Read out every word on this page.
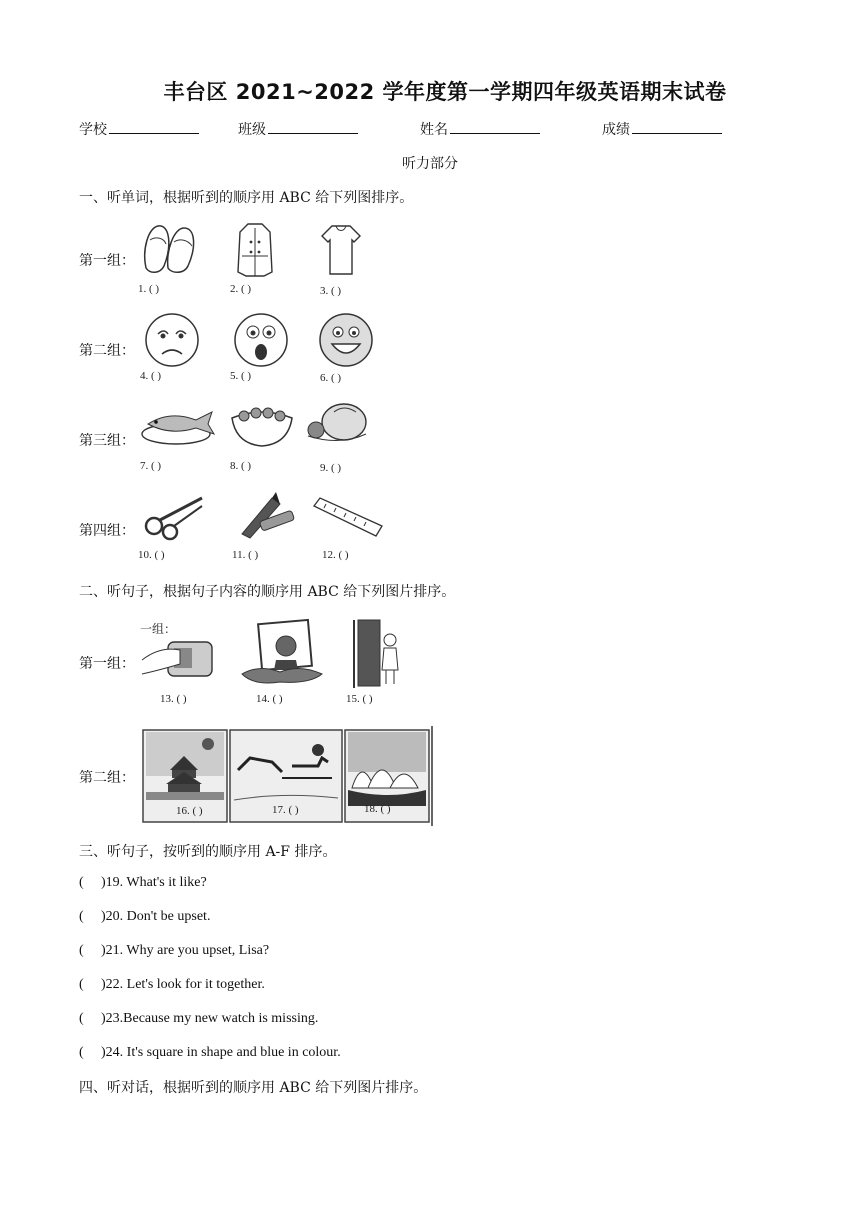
丰台区 2021~2022 学年度第一学期四年级英语期末试卷
学校	班级	姓名	成绩
听力部分
一、听单词，根据听到的顺序用 ABC 给下列图排序。
第一组：
1. ( )	2. ( )	3. ( )
第二组：
4. ( )	5. ( )	6. ( )
第三组：
7. ( )	8. ( )	9. ( )
第四组：
10. ( )	11. ( )	12. ( )
二、听句子，根据句子内容的顺序用 ABC 给下列图片排序。
第一组：
一组：
13. ( )	14. ( )	15. ( )
第二组：
16. ( )	17. ( )	18. ( )
三、听句子，按听到的顺序用 A-F 排序。
( )19. What's it like?
( )20. Don't be upset.
( )21. Why are you upset, Lisa?
( )22. Let's look for it together.
( )23.Because my new watch is missing.
( )24. It's square in shape and blue in colour.
四、听对话，根据听到的顺序用 ABC 给下列图片排序。
